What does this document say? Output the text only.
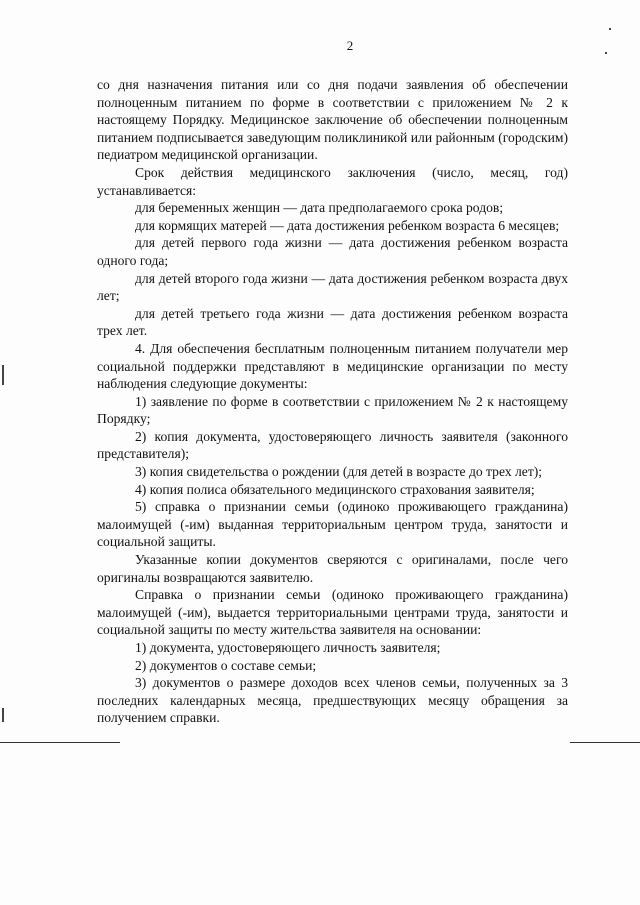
2

со дня назначения питания или со дня подачи заявления об обеспечении полноценным питанием по форме в соответствии с приложением № 2 к настоящему Порядку. Медицинское заключение об обеспечении полноценным питанием подписывается заведующим поликлиникой или районным (городским) педиатром медицинской организации.

Срок действия медицинского заключения (число, месяц, год) устанавливается:

для беременных женщин — дата предполагаемого срока родов;

для кормящих матерей — дата достижения ребенком возраста 6 месяцев;

для детей первого года жизни — дата достижения ребенком возраста одного года;

для детей второго года жизни — дата достижения ребенком возраста двух лет;

для детей третьего года жизни — дата достижения ребенком возраста трех лет.

4. Для обеспечения бесплатным полноценным питанием получатели мер социальной поддержки представляют в медицинские организации по месту наблюдения следующие документы:

1) заявление по форме в соответствии с приложением № 2 к настоящему Порядку;

2) копия документа, удостоверяющего личность заявителя (законного представителя);

3) копия свидетельства о рождении (для детей в возрасте до трех лет);

4) копия полиса обязательного медицинского страхования заявителя;

5) справка о признании семьи (одиноко проживающего гражданина) малоимущей (-им) выданная территориальным центром труда, занятости и социальной защиты.

Указанные копии документов сверяются с оригиналами, после чего оригиналы возвращаются заявителю.

Справка о признании семьи (одиноко проживающего гражданина) малоимущей (-им), выдается территориальными центрами труда, занятости и социальной защиты по месту жительства заявителя на основании:

1) документа, удостоверяющего личность заявителя;

2) документов о составе семьи;

3) документов о размере доходов всех членов семьи, полученных за 3 последних календарных месяца, предшествующих месяцу обращения за получением справки.
